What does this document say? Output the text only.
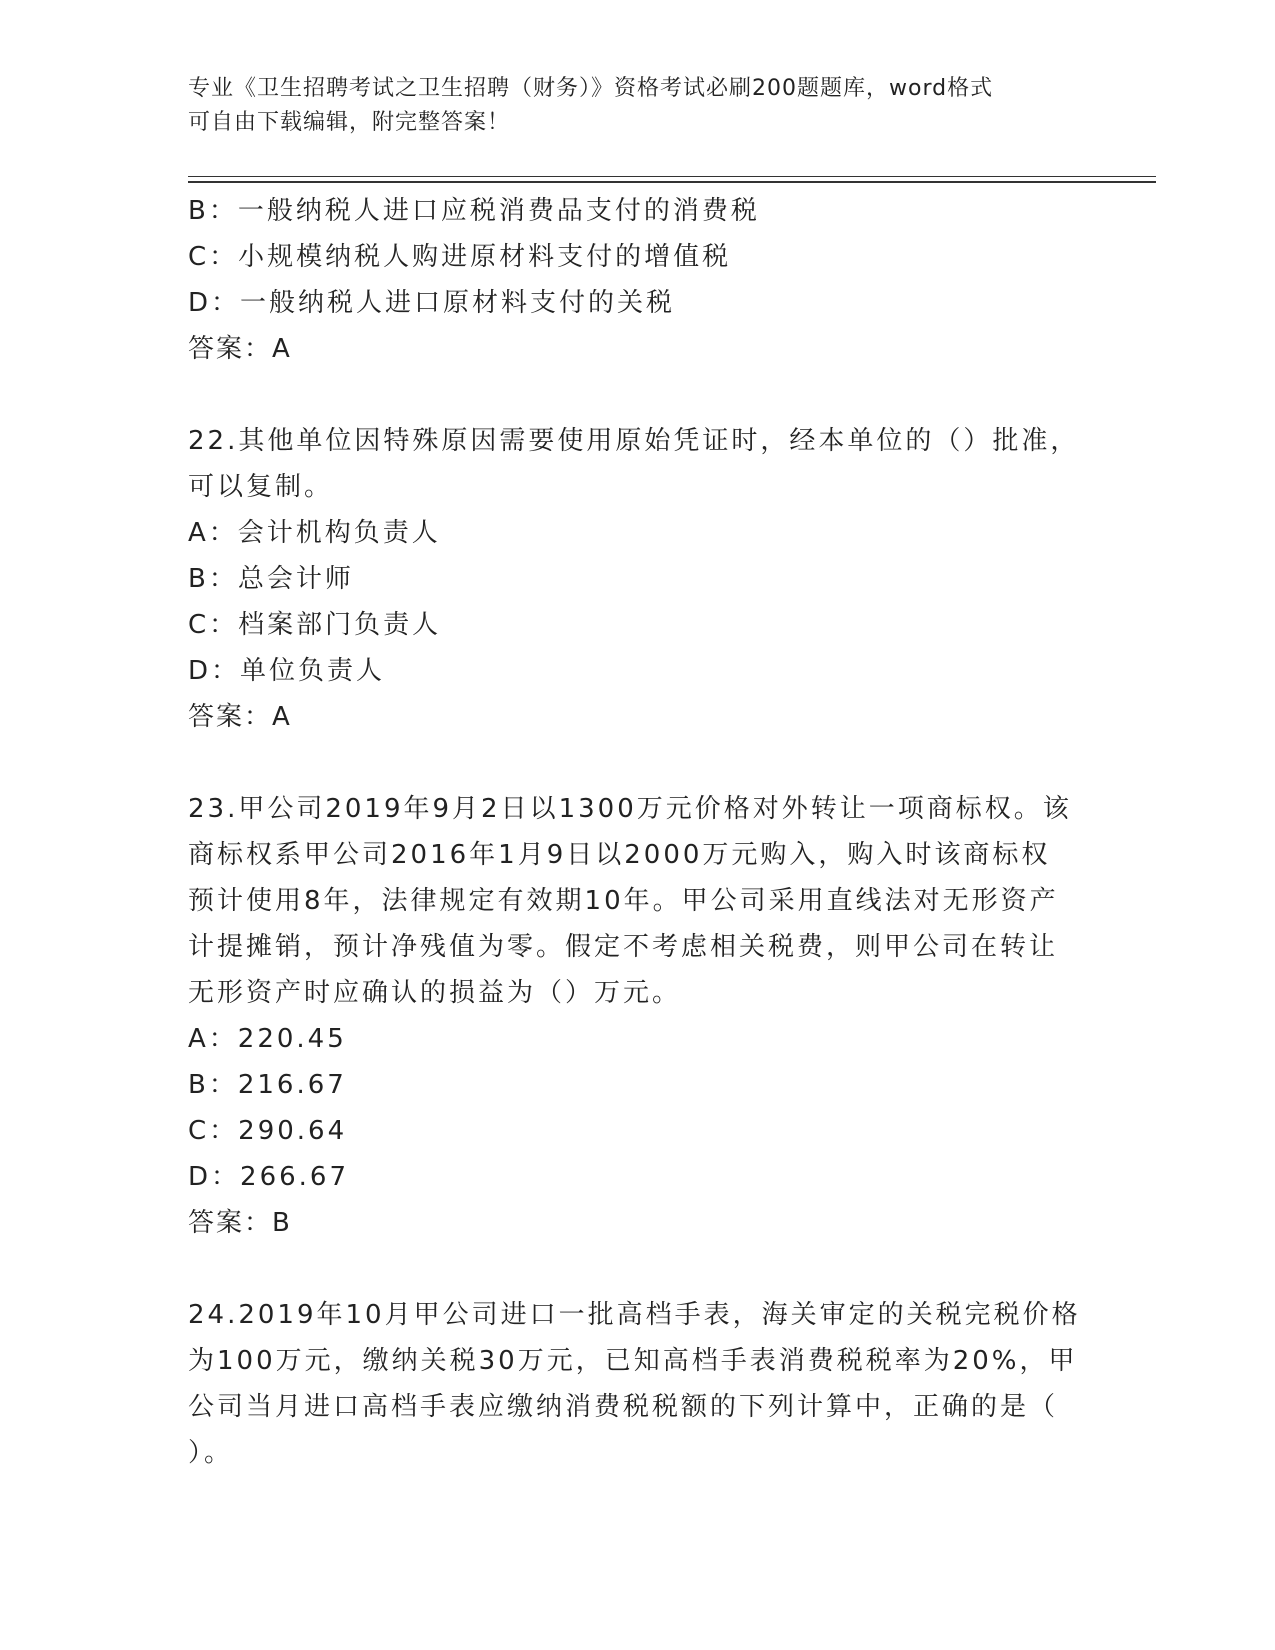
专业《卫生招聘考试之卫生招聘（财务）》资格考试必刷200题题库，word格式
可自由下载编辑，附完整答案！
B：一般纳税人进口应税消费品支付的消费税
C：小规模纳税人购进原材料支付的增值税
D：一般纳税人进口原材料支付的关税
答案：A
22.其他单位因特殊原因需要使用原始凭证时，经本单位的（）批准，
可以复制。
A：会计机构负责人
B：总会计师
C：档案部门负责人
D：单位负责人
答案：A
23.甲公司2019年9月2日以1300万元价格对外转让一项商标权。该
商标权系甲公司2016年1月9日以2000万元购入，购入时该商标权
预计使用8年，法律规定有效期10年。甲公司采用直线法对无形资产
计提摊销，预计净残值为零。假定不考虑相关税费，则甲公司在转让
无形资产时应确认的损益为（）万元。
A：220.45
B：216.67
C：290.64
D：266.67
答案：B
24.2019年10月甲公司进口一批高档手表，海关审定的关税完税价格
为100万元，缴纳关税30万元，已知高档手表消费税税率为20%，甲
公司当月进口高档手表应缴纳消费税税额的下列计算中，正确的是（
）。
